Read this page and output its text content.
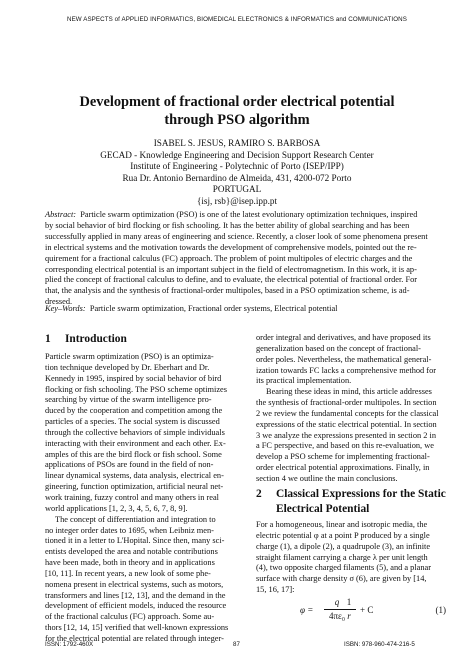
NEW ASPECTS of APPLIED INFORMATICS, BIOMEDICAL ELECTRONICS & INFORMATICS and COMMUNICATIONS
Development of fractional order electrical potential
through PSO algorithm
ISABEL S. JESUS, RAMIRO S. BARBOSA
GECAD - Knowledge Engineering and Decision Support Research Center
Institute of Engineering - Polytechnic of Porto (ISEP/IPP)
Rua Dr. Antonio Bernardino de Almeida, 431, 4200-072 Porto
PORTUGAL
{isj, rsb}@isep.ipp.pt
Abstract: Particle swarm optimization (PSO) is one of the latest evolutionary optimization techniques, inspired
by social behavior of bird flocking or fish schooling. It has the better ability of global searching and has been
successfully applied in many areas of engineering and science. Recently, a closer look of some phenomena present
in electrical systems and the motivation towards the development of comprehensive models, pointed out the re-
quirement for a fractional calculus (FC) approach. The problem of point multipoles of electric charges and the
corresponding electrical potential is an important subject in the field of electromagnetism. In this work, it is ap-
plied the concept of fractional calculus to define, and to evaluate, the electrical potential of fractional order. For
that, the analysis and the synthesis of fractional-order multipoles, based in a PSO optimization scheme, is ad-
dressed.
Key–Words: Particle swarm optimization, Fractional order systems, Electrical potential
1 Introduction

Particle swarm optimization (PSO) is an optimiza-
tion technique developed by Dr. Eberhart and Dr.
Kennedy in 1995, inspired by social behavior of bird
flocking or fish schooling. The PSO scheme optimizes
searching by virtue of the swarm intelligence pro-
duced by the cooperation and competition among the
particles of a species. The social system is discussed
through the collective behaviors of simple individuals
interacting with their environment and each other. Ex-
amples of this are the bird flock or fish school. Some
applications of PSOs are found in the field of non-
linear dynamical systems, data analysis, electrical en-
gineering, function optimization, artificial neural net-
work training, fuzzy control and many others in real
world applications [1, 2, 3, 4, 5, 6, 7, 8, 9].

The concept of differentiation and integration to
no integer order dates to 1695, when Leibniz men-
tioned it in a letter to L'Hopital. Since then, many sci-
entists developed the area and notable contributions
have been made, both in theory and in applications
[10, 11]. In recent years, a new look of some phe-
nomena present in electrical systems, such as motors,
transformers and lines [12, 13], and the demand in the
development of efficient models, induced the resource
of the fractional calculus (FC) approach. Some au-
thors [12, 14, 15] verified that well-known expressions
for the electrical potential are related through integer-

order integral and derivatives, and have proposed its
generalization based on the concept of fractional-
order poles. Nevertheless, the mathematical general-
ization towards FC lacks a comprehensive method for
its practical implementation.

Bearing these ideas in mind, this article addresses
the synthesis of fractional-order multipoles. In section
2 we review the fundamental concepts for the classical
expressions of the static electrical potential. In section
3 we analyze the expressions presented in section 2 in
a FC perspective, and based on this re-evaluation, we
develop a PSO scheme for implementing fractional-
order electrical potential approximations. Finally, in
section 4 we outline the main conclusions.

2 Classical Expressions for the Static
Electrical Potential
For a homogeneous, linear and isotropic media, the
electric potential φ at a point P produced by a single
charge (1), a dipole (2), a quadrupole (3), an infinite
straight filament carrying a charge λ per unit length
(4), two opposite charged filaments (5), and a planar
surface with charge density σ (6), are given by [14,
15, 16, 17]:
φ =
q
4πε₀
1
r
+ C	(1)
ISSN: 1792-460X	87	ISBN: 978-960-474-216-5
